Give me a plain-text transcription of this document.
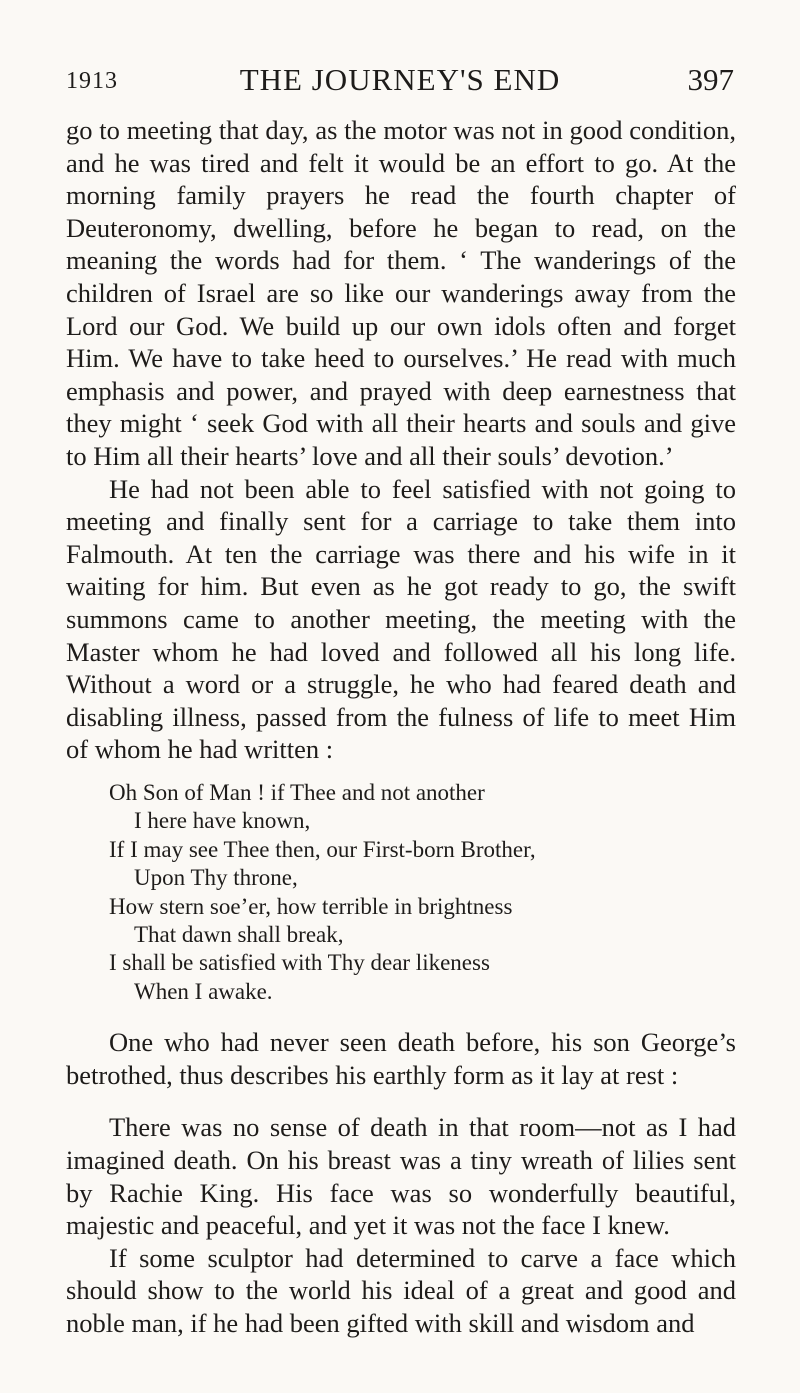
1913	THE JOURNEY'S END	397

go to meeting that day, as the motor was not in good condition, and he was tired and felt it would be an effort to go. At the morning family prayers he read the fourth chapter of Deuteronomy, dwelling, before he began to read, on the meaning the words had for them. ‘ The wanderings of the children of Israel are so like our wanderings away from the Lord our God. We build up our own idols often and forget Him. We have to take heed to ourselves.’ He read with much emphasis and power, and prayed with deep earnestness that they might ‘ seek God with all their hearts and souls and give to Him all their hearts’ love and all their souls’ devotion.’

He had not been able to feel satisfied with not going to meeting and finally sent for a carriage to take them into Falmouth. At ten the carriage was there and his wife in it waiting for him. But even as he got ready to go, the swift summons came to another meeting, the meeting with the Master whom he had loved and followed all his long life. Without a word or a struggle, he who had feared death and disabling illness, passed from the fulness of life to meet Him of whom he had written :

Oh Son of Man ! if Thee and not another
I here have known,
If I may see Thee then, our First-born Brother,
Upon Thy throne,
How stern soe’er, how terrible in brightness
That dawn shall break,
I shall be satisfied with Thy dear likeness
When I awake.

One who had never seen death before, his son George’s betrothed, thus describes his earthly form as it lay at rest :

There was no sense of death in that room—not as I had imagined death. On his breast was a tiny wreath of lilies sent by Rachie King. His face was so wonderfully beautiful, majestic and peaceful, and yet it was not the face I knew.

If some sculptor had determined to carve a face which should show to the world his ideal of a great and good and noble man, if he had been gifted with skill and wisdom and
